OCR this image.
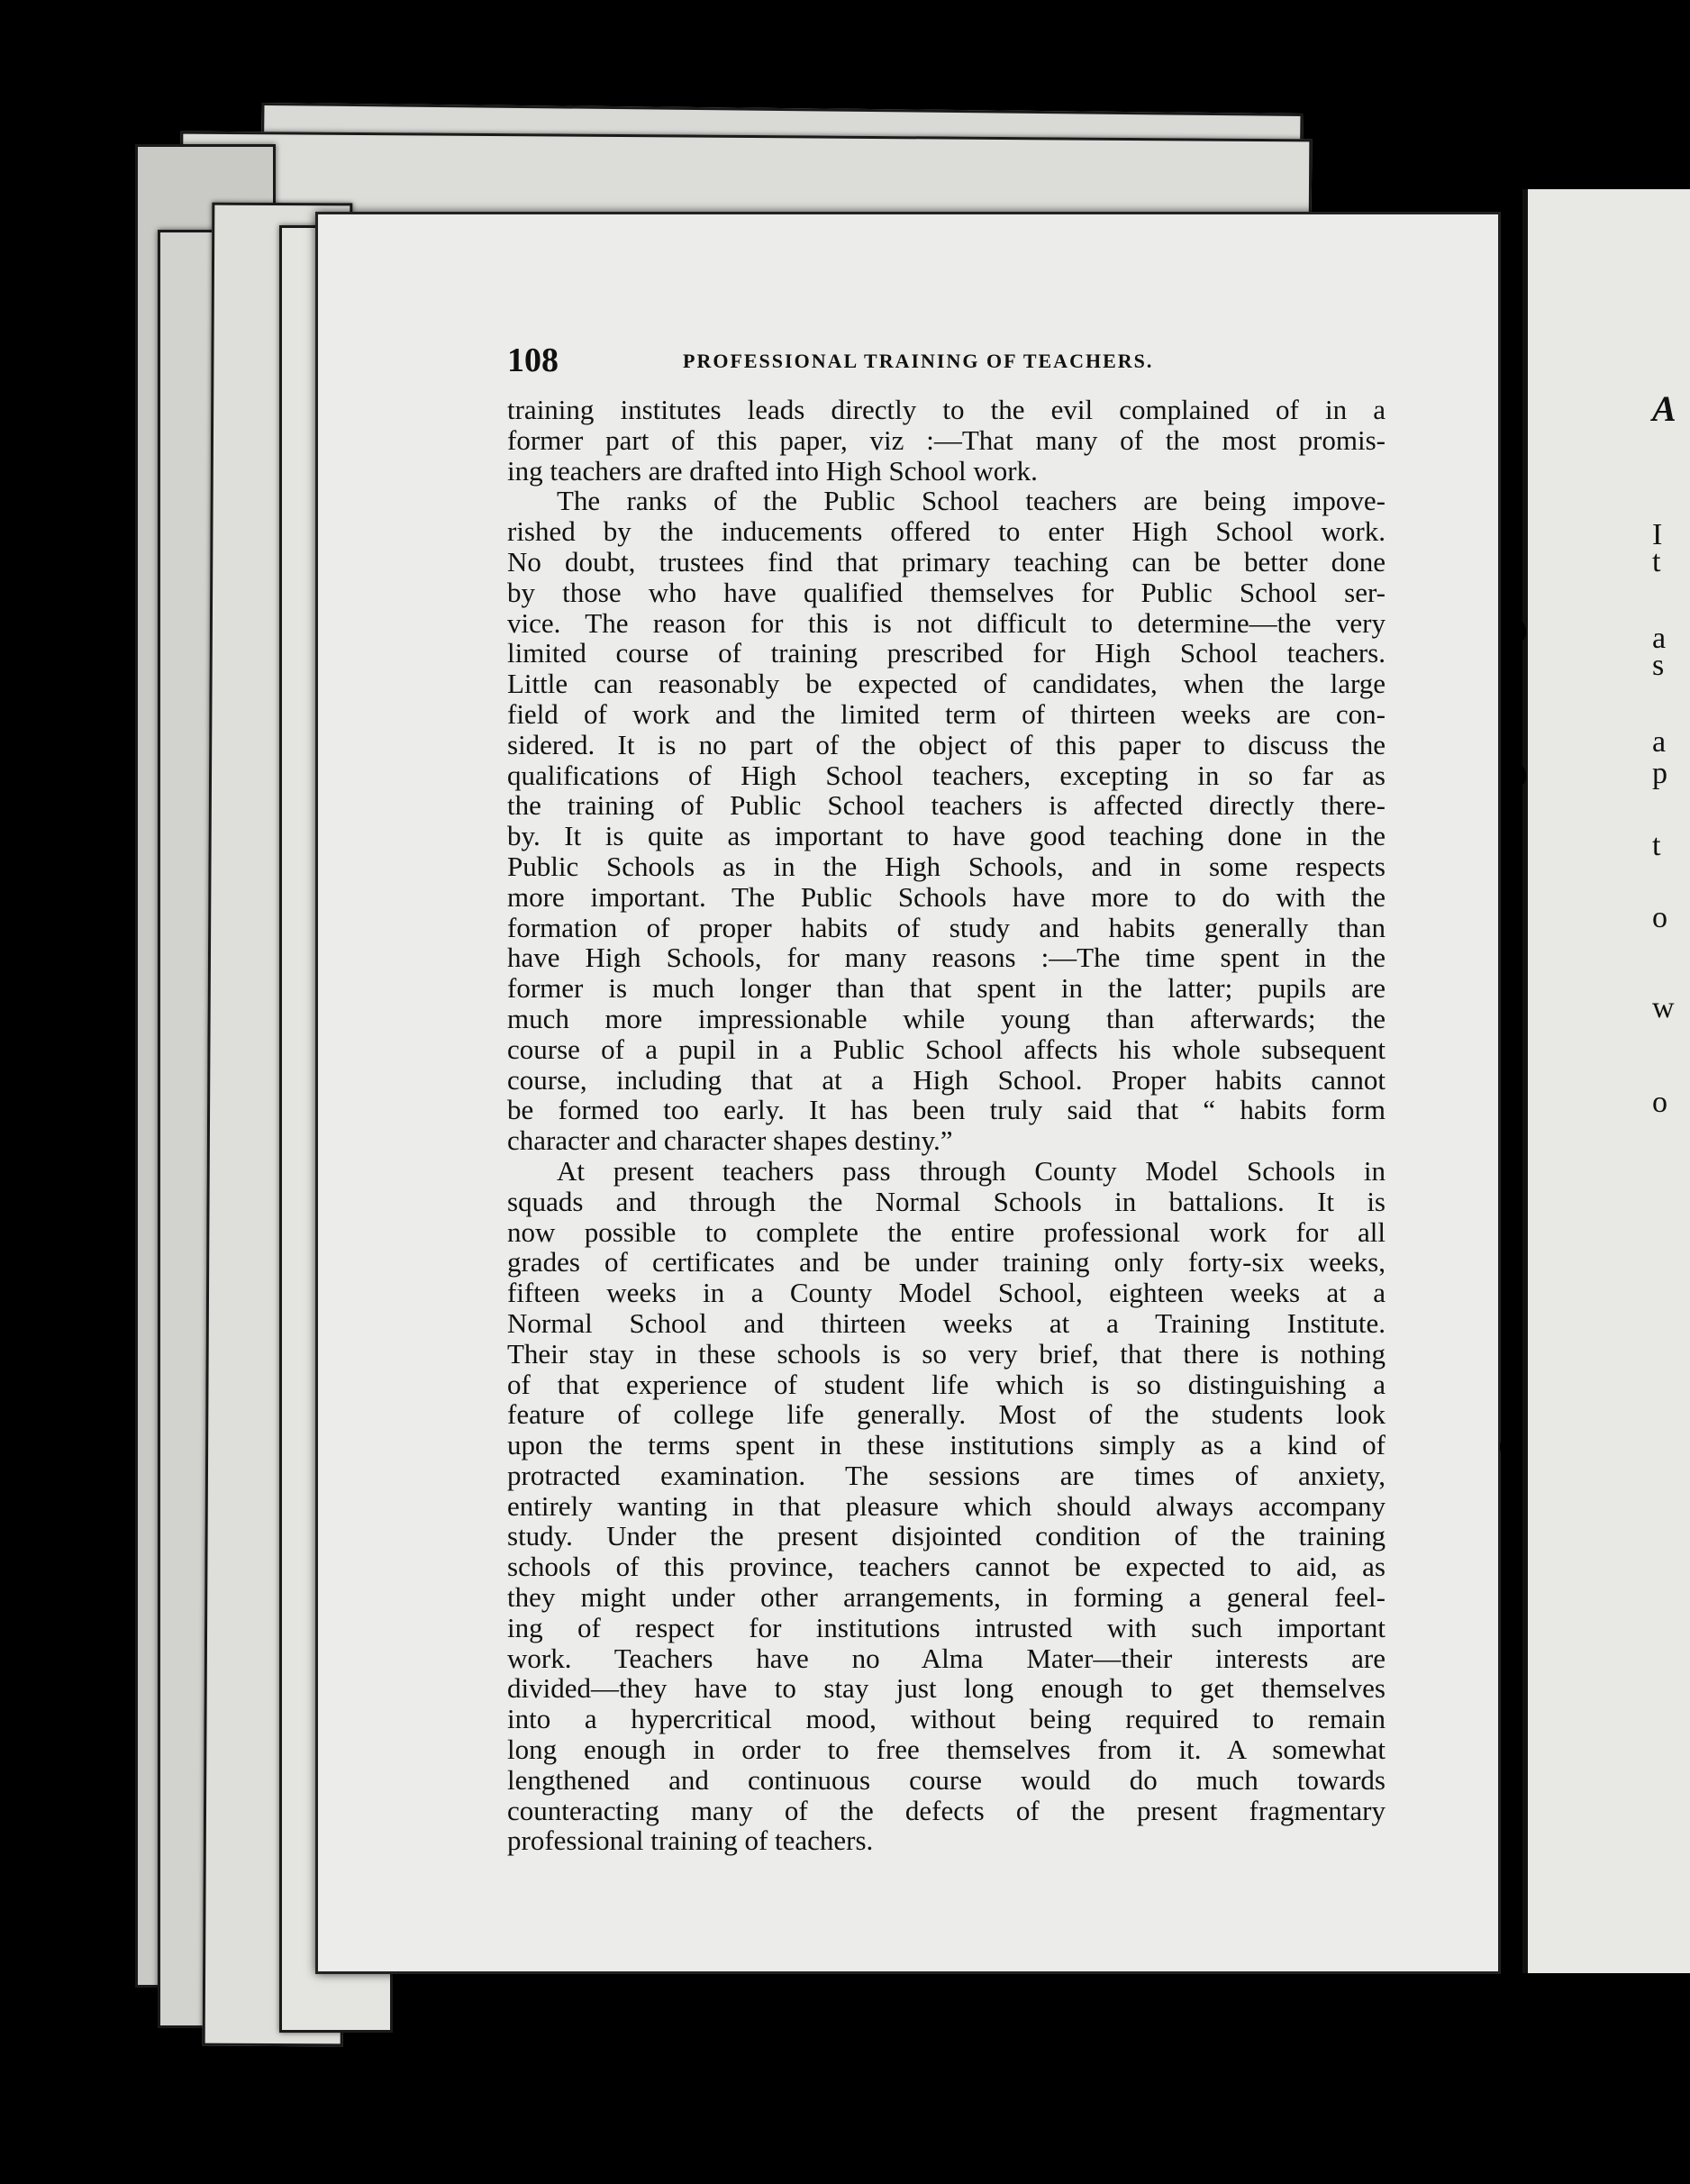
108	PROFESSIONAL TRAINING OF TEACHERS.
training institutes leads directly to the evil complained of in a
former part of this paper, viz :—That many of the most promis-
ing teachers are drafted into High School work.
The ranks of the Public School teachers are being impove-
rished by the inducements offered to enter High School work.
No doubt, trustees find that primary teaching can be better done
by those who have qualified themselves for Public School ser-
vice. The reason for this is not difficult to determine—the very
limited course of training prescribed for High School teachers.
Little can reasonably be expected of candidates, when the large
field of work and the limited term of thirteen weeks are con-
sidered. It is no part of the object of this paper to discuss the
qualifications of High School teachers, excepting in so far as
the training of Public School teachers is affected directly there-
by. It is quite as important to have good teaching done in the
Public Schools as in the High Schools, and in some respects
more important. The Public Schools have more to do with the
formation of proper habits of study and habits generally than
have High Schools, for many reasons :—The time spent in the
former is much longer than that spent in the latter; pupils are
much more impressionable while young than afterwards; the
course of a pupil in a Public School affects his whole subsequent
course, including that at a High School. Proper habits cannot
be formed too early. It has been truly said that “ habits form
character and character shapes destiny.”
At present teachers pass through County Model Schools in
squads and through the Normal Schools in battalions. It is
now possible to complete the entire professional work for all
grades of certificates and be under training only forty-six weeks,
fifteen weeks in a County Model School, eighteen weeks at a
Normal School and thirteen weeks at a Training Institute.
Their stay in these schools is so very brief, that there is nothing
of that experience of student life which is so distinguishing a
feature of college life generally. Most of the students look
upon the terms spent in these institutions simply as a kind of
protracted examination. The sessions are times of anxiety,
entirely wanting in that pleasure which should always accompany
study. Under the present disjointed condition of the training
schools of this province, teachers cannot be expected to aid, as
they might under other arrangements, in forming a general feel-
ing of respect for institutions intrusted with such important
work. Teachers have no Alma Mater—their interests are
divided—they have to stay just long enough to get themselves
into a hypercritical mood, without being required to remain
long enough in order to free themselves from it. A somewhat
lengthened and continuous course would do much towards
counteracting many of the defects of the present fragmentary
professional training of teachers.
A
I
t
a
s
a
p
t
o
w
o
